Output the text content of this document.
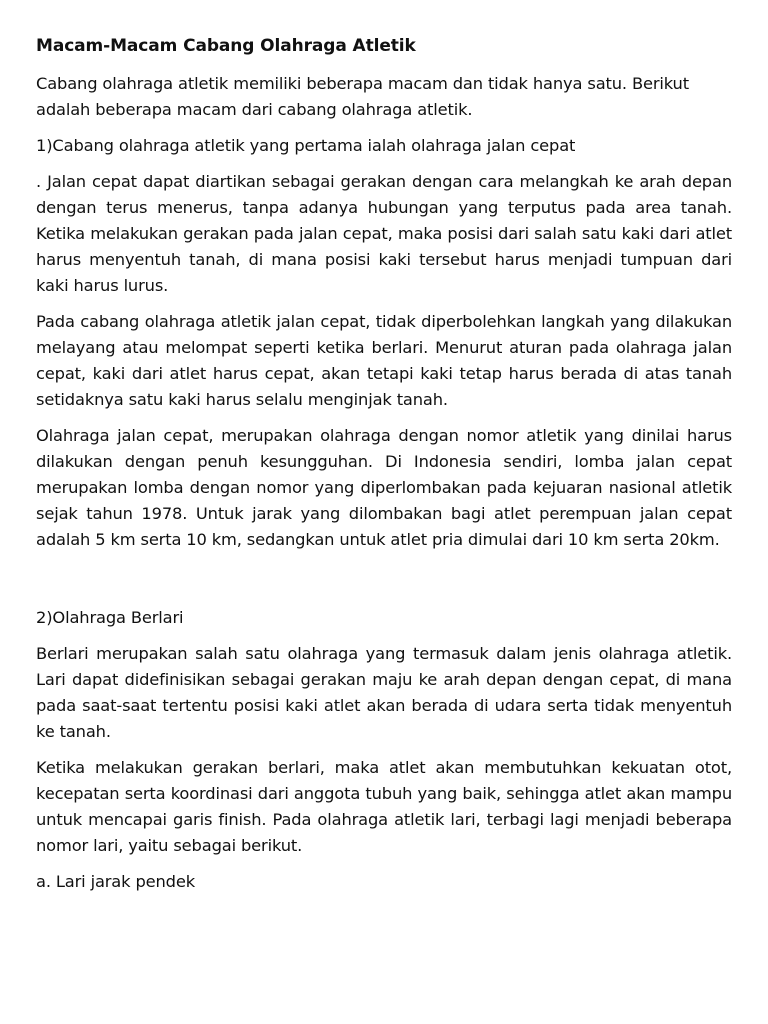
Macam-Macam Cabang Olahraga Atletik

Cabang olahraga atletik memiliki beberapa macam dan tidak hanya satu. Berikut adalah beberapa macam dari cabang olahraga atletik.

1)Cabang olahraga atletik yang pertama ialah olahraga jalan cepat

. Jalan cepat dapat diartikan sebagai gerakan dengan cara melangkah ke arah depan dengan terus menerus, tanpa adanya hubungan yang terputus pada area tanah. Ketika melakukan gerakan pada jalan cepat, maka posisi dari salah satu kaki dari atlet harus menyentuh tanah, di mana posisi kaki tersebut harus menjadi tumpuan dari kaki harus lurus.

Pada cabang olahraga atletik jalan cepat, tidak diperbolehkan langkah yang dilakukan melayang atau melompat seperti ketika berlari. Menurut aturan pada olahraga jalan cepat, kaki dari atlet harus cepat, akan tetapi kaki tetap harus berada di atas tanah setidaknya satu kaki harus selalu menginjak tanah.

Olahraga jalan cepat, merupakan olahraga dengan nomor atletik yang dinilai harus dilakukan dengan penuh kesungguhan. Di Indonesia sendiri, lomba jalan cepat merupakan lomba dengan nomor yang diperlombakan pada kejuaran nasional atletik sejak tahun 1978. Untuk jarak yang dilombakan bagi atlet perempuan jalan cepat adalah 5 km serta 10 km, sedangkan untuk atlet pria dimulai dari 10 km serta 20km.

2)Olahraga Berlari

Berlari merupakan salah satu olahraga yang termasuk dalam jenis olahraga atletik. Lari dapat didefinisikan sebagai gerakan maju ke arah depan dengan cepat, di mana pada saat-saat tertentu posisi kaki atlet akan berada di udara serta tidak menyentuh ke tanah.

Ketika melakukan gerakan berlari, maka atlet akan membutuhkan kekuatan otot, kecepatan serta koordinasi dari anggota tubuh yang baik, sehingga atlet akan mampu untuk mencapai garis finish. Pada olahraga atletik lari, terbagi lagi menjadi beberapa nomor lari, yaitu sebagai berikut.

a. Lari jarak pendek
